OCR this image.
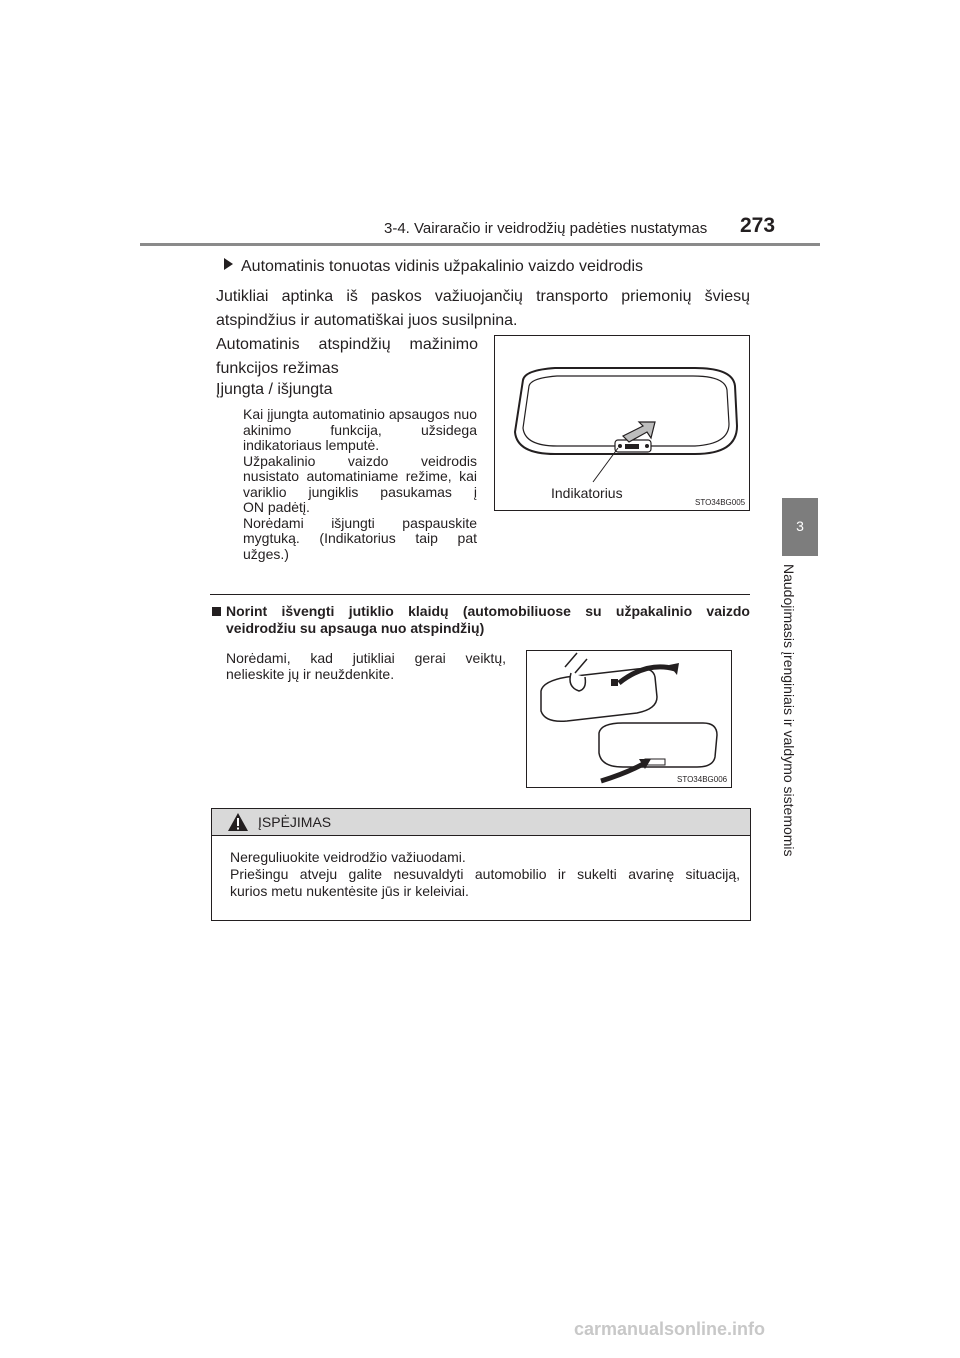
3-4. Vairaračio ir veidrodžių padėties nustatymas 273
3
Naudojimasis įrenginiais ir valdymo sistemomis
Automatinis tonuotas vidinis užpakalinio vaizdo veidrodis
Jutikliai aptinka iš paskos važiuojančių transporto priemonių šviesų
atspindžius ir automatiškai juos susilpnina.
Automatinis atspindžių mažinimo funkcijos režimas
Įjungta / išjungta

Kai įjungta automatinio apsaugos nuo akinimo funkcija, užsidega

indikatoriaus lemputė.

Užpakalinio vaizdo veidrodis nusistato automatiniame režime, kai variklio jungiklis pasukamas į

ON padėtį.

Norėdami išjungti paspauskite mygtuką. (Indikatorius taip pat

užges.)

Indikatorius
STO34BG005
Norint išvengti jutiklio klaidų (automobiliuose su užpakalinio vaizdo
veidrodžiu su apsauga nuo atspindžių)
Norėdami, kad jutikliai gerai veiktų,
nelieskite jų ir neuždenkite.
STO34BG006
ĮSPĖJIMAS

Nereguliuokite veidrodžio važiuodami.

Priešingu atveju galite nesuvaldyti automobilio ir sukelti avarinę situaciją,

kurios metu nukentėsite jūs ir keleiviai.

carmanualsonline.info
